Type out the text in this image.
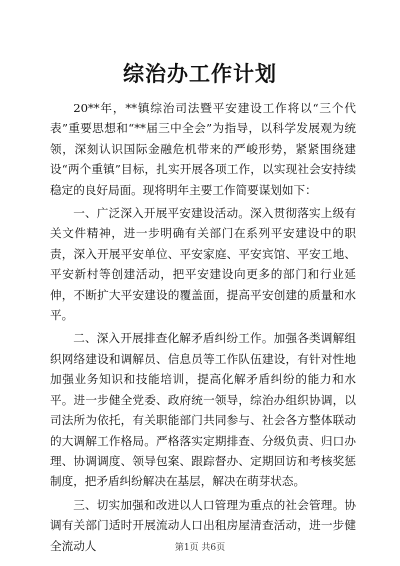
综治办工作计划

20**年，**镇综治司法暨平安建设工作将以“三个代表”重要思想和“**届三中全会”为指导，以科学发展观为统领，深刻认识国际金融危机带来的严峻形势，紧紧围绕建设“两个重镇”目标，扎实开展各项工作，以实现社会安持续稳定的良好局面。现将明年主要工作简要谋划如下：

一、广泛深入开展平安建设活动。深入贯彻落实上级有关文件精神，进一步明确有关部门在系列平安建设中的职责，深入开展平安单位、平安家庭、平安宾馆、平安工地、平安新村等创建活动，把平安建设向更多的部门和行业延伸，不断扩大平安建设的覆盖面，提高平安创建的质量和水平。

二、深入开展排查化解矛盾纠纷工作。加强各类调解组织网络建设和调解员、信息员等工作队伍建设，有针对性地加强业务知识和技能培训，提高化解矛盾纠纷的能力和水平。进一步健全党委、政府统一领导，综治办组织协调，以司法所为依托，有关职能部门共同参与、社会各方整体联动的大调解工作格局。严格落实定期排查、分级负责、归口办理、协调调度、领导包案、跟踪督办、定期回访和考核奖惩制度，把矛盾纠纷解决在基层，解决在萌芽状态。

三、切实加强和改进以人口管理为重点的社会管理。协调有关部门适时开展流动人口出租房屋清查活动，进一步健全流动人	第1页 共6页
